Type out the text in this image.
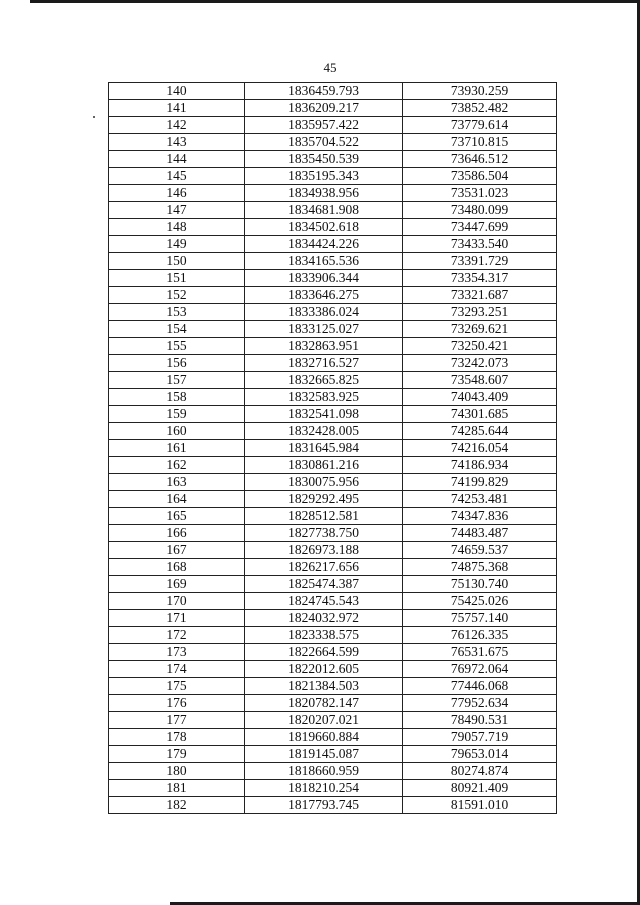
45
140	1836459.793	73930.259
141	1836209.217	73852.482
142	1835957.422	73779.614
143	1835704.522	73710.815
144	1835450.539	73646.512
145	1835195.343	73586.504
146	1834938.956	73531.023
147	1834681.908	73480.099
148	1834502.618	73447.699
149	1834424.226	73433.540
150	1834165.536	73391.729
151	1833906.344	73354.317
152	1833646.275	73321.687
153	1833386.024	73293.251
154	1833125.027	73269.621
155	1832863.951	73250.421
156	1832716.527	73242.073
157	1832665.825	73548.607
158	1832583.925	74043.409
159	1832541.098	74301.685
160	1832428.005	74285.644
161	1831645.984	74216.054
162	1830861.216	74186.934
163	1830075.956	74199.829
164	1829292.495	74253.481
165	1828512.581	74347.836
166	1827738.750	74483.487
167	1826973.188	74659.537
168	1826217.656	74875.368
169	1825474.387	75130.740
170	1824745.543	75425.026
171	1824032.972	75757.140
172	1823338.575	76126.335
173	1822664.599	76531.675
174	1822012.605	76972.064
175	1821384.503	77446.068
176	1820782.147	77952.634
177	1820207.021	78490.531
178	1819660.884	79057.719
179	1819145.087	79653.014
180	1818660.959	80274.874
181	1818210.254	80921.409
182	1817793.745	81591.010
